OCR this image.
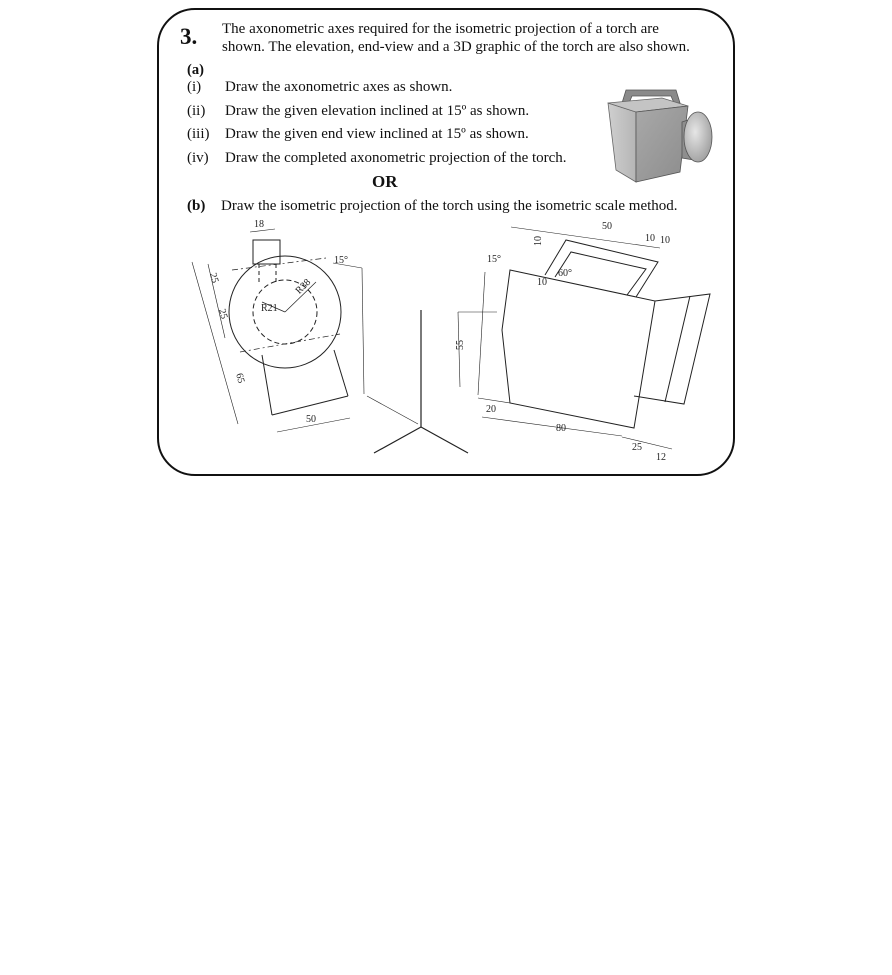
3. The axonometric axes required for the isometric projection of a torch are
shown. The elevation, end-view and a 3D graphic of the torch are also shown.
(a)
(i) Draw the axonometric axes as shown.
(ii) Draw the given elevation inclined at 15º as shown.
(iii) Draw the given end view inclined at 15º as shown.
(iv) Draw the completed axonometric projection of the torch.
OR
(b) Draw the isometric projection of the torch using the isometric scale method.
18
15°
R38
R21
25
25
65
50
15°
10
50
10 10
60°
10
55
20
80
25
12
